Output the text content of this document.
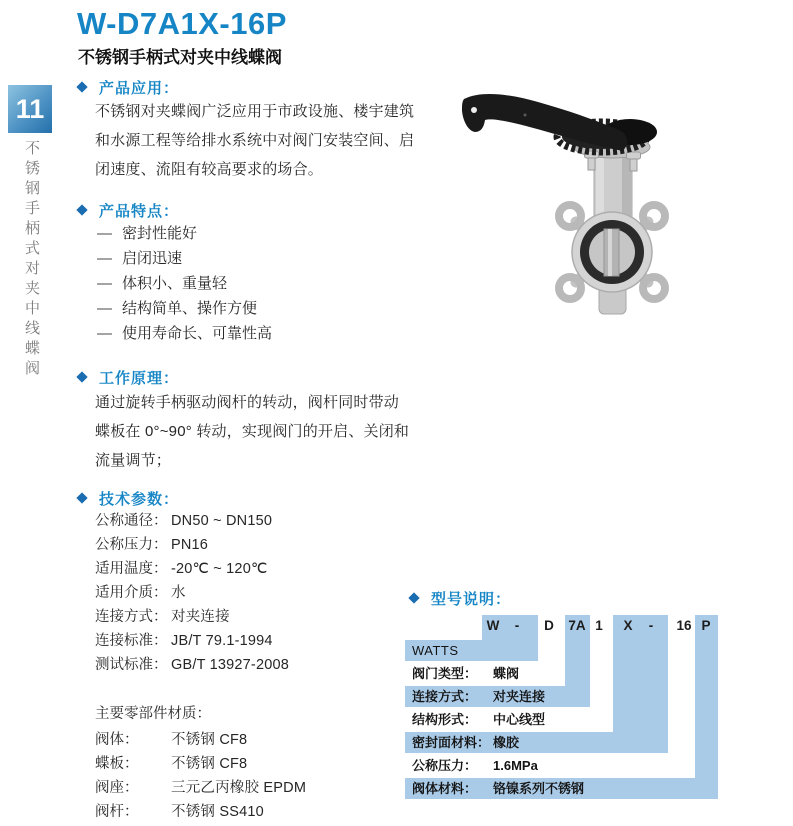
11
不锈钢手柄式对夹中线蝶阀
W-D7A1X-16P
不锈钢手柄式对夹中线蝶阀
产品应用：
不锈钢对夹蝶阀广泛应用于市政设施、楼宇建筑
和水源工程等给排水系统中对阀门安装空间、启
闭速度、流阻有较高要求的场合。
产品特点：
— 密封性能好
— 启闭迅速
— 体积小、重量轻
— 结构简单、操作方便
— 使用寿命长、可靠性高
工作原理：
通过旋转手柄驱动阀杆的转动，阀杆同时带动
蝶板在 0°~90° 转动，实现阀门的开启、关闭和
流量调节；
技术参数：
公称通径： DN50 ~ DN150
公称压力： PN16
适用温度： -20℃ ~ 120℃
适用介质： 水
连接方式： 对夹连接
连接标准： JB/T 79.1-1994
测试标准： GB/T 13927-2008
主要零部件材质：
阀体：	不锈钢 CF8
蝶板：	不锈钢 CF8
阀座：	三元乙丙橡胶 EPDM
阀杆：	不锈钢 SS410
型号说明：
W - D 7A 1 X - 16 P
WATTS
阀门类型： 蝶阀
连接方式： 对夹连接
结构形式： 中心线型
密封面材料： 橡胶
公称压力： 1.6MPa
阀体材料： 铬镍系列不锈钢
